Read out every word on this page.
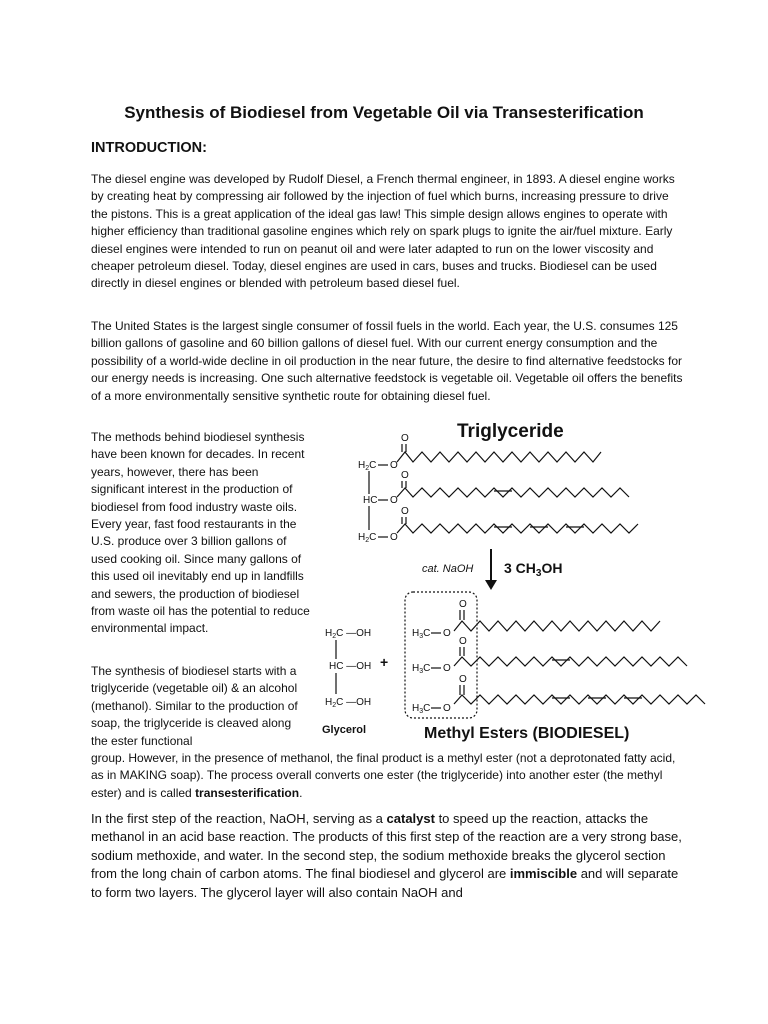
Synthesis of Biodiesel from Vegetable Oil via Transesterification
INTRODUCTION:

The diesel engine was developed by Rudolf Diesel, a French thermal engineer, in 1893. A diesel engine works by creating heat by compressing air followed by the injection of fuel which burns, increasing pressure to drive the pistons. This is a great application of the ideal gas law! This simple design allows engines to operate with higher efficiency than traditional gasoline engines which rely on spark plugs to ignite the air/fuel mixture. Early diesel engines were intended to run on peanut oil and were later adapted to run on the lower viscosity and cheaper petroleum diesel. Today, diesel engines are used in cars, buses and trucks. Biodiesel can be used directly in diesel engines or blended with petroleum based diesel fuel.

The United States is the largest single consumer of fossil fuels in the world. Each year, the U.S. consumes 125 billion gallons of gasoline and 60 billion gallons of diesel fuel. With our current energy consumption and the possibility of a world-wide decline in oil production in the near future, the desire to find alternative feedstocks for our energy needs is increasing. One such alternative feedstock is vegetable oil. Vegetable oil offers the benefits of a more environmentally sensitive synthetic route for obtaining diesel fuel.

The methods behind biodiesel synthesis have been known for decades. In recent years, however, there has been significant interest in the production of biodiesel from food industry waste oils. Every year, fast food restaurants in the U.S. produce over 3 billion gallons of used cooking oil. Since many gallons of this used oil inevitably end up in landfills and sewers, the production of biodiesel from waste oil has the potential to reduce environmental impact.

The synthesis of biodiesel starts with a triglyceride (vegetable oil) & an alcohol (methanol). Similar to the production of soap, the triglyceride is cleaved along the ester functional

group. However, in the presence of methanol, the final product is a methyl ester (not a deprotonated fatty acid, as in MAKING soap). The process overall converts one ester (the triglyceride) into another ester (the methyl ester) and is called transesterification.

In the first step of the reaction, NaOH, serving as a catalyst to speed up the reaction, attacks the methanol in an acid base reaction. The products of this first step of the reaction are a very strong base, sodium methoxide, and water. In the second step, the sodium methoxide breaks the glycerol section from the long chain of carbon atoms. The final biodiesel and glycerol are immiscible and will separate to form two layers. The glycerol layer will also contain NaOH and

Triglyceride
$H_2C$
HC
$H_2C$
O
O
O
O
O
O
cat. NaOH 3 $CH_3OH$
$H_2C$ —OH
HC —OH
$H_2C$ —OH
+
Glycerol
$H_3C$
$H_3C$
$H_3C$
O
O
O
O
O
O
Methyl Esters (BIODIESEL)
